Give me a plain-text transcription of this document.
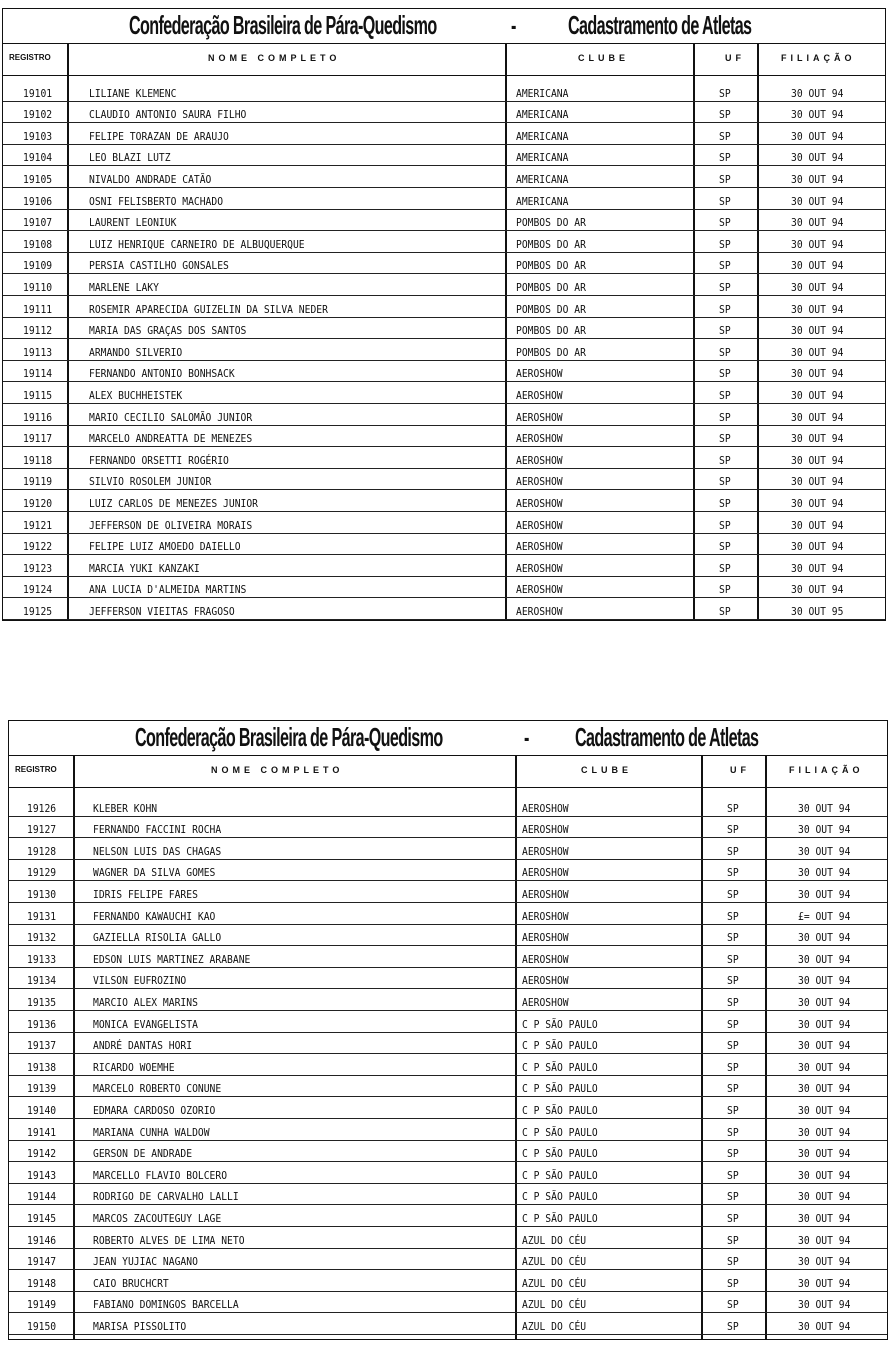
Confederação Brasileira de Pára-Quedismo	- Cadastramento de Atletas
REGISTRO	NOME COMPLETO	CLUBE	UF	FILIAÇÃO
19101	LILIANE KLEMENC	AMERICANA	SP	30 OUT 94
19102	CLAUDIO ANTONIO SAURA FILHO	AMERICANA	SP	30 OUT 94
19103	FELIPE TORAZAN DE ARAUJO	AMERICANA	SP	30 OUT 94
19104	LEO BLAZI LUTZ	AMERICANA	SP	30 OUT 94
19105	NIVALDO ANDRADE CATÃO	AMERICANA	SP	30 OUT 94
19106	OSNI FELISBERTO MACHADO	AMERICANA	SP	30 OUT 94
19107	LAURENT LEONIUK	POMBOS DO AR	SP	30 OUT 94
19108	LUIZ HENRIQUE CARNEIRO DE ALBUQUERQUE	POMBOS DO AR	SP	30 OUT 94
19109	PERSIA CASTILHO GONSALES	POMBOS DO AR	SP	30 OUT 94
19110	MARLENE LAKY	POMBOS DO AR	SP	30 OUT 94
19111	ROSEMIR APARECIDA GUIZELIN DA SILVA NEDER	POMBOS DO AR	SP	30 OUT 94
19112	MARIA DAS GRAÇAS DOS SANTOS	POMBOS DO AR	SP	30 OUT 94
19113	ARMANDO SILVERIO	POMBOS DO AR	SP	30 OUT 94
19114	FERNANDO ANTONIO BONHSACK	AEROSHOW	SP	30 OUT 94
19115	ALEX BUCHHEISTEK	AEROSHOW	SP	30 OUT 94
19116	MARIO CECILIO SALOMÃO JUNIOR	AEROSHOW	SP	30 OUT 94
19117	MARCELO ANDREATTA DE MENEZES	AEROSHOW	SP	30 OUT 94
19118	FERNANDO ORSETTI ROGÉRIO	AEROSHOW	SP	30 OUT 94
19119	SILVIO ROSOLEM JUNIOR	AEROSHOW	SP	30 OUT 94
19120	LUIZ CARLOS DE MENEZES JUNIOR	AEROSHOW	SP	30 OUT 94
19121	JEFFERSON DE OLIVEIRA MORAIS	AEROSHOW	SP	30 OUT 94
19122	FELIPE LUIZ AMOEDO DAIELLO	AEROSHOW	SP	30 OUT 94
19123	MARCIA YUKI KANZAKI	AEROSHOW	SP	30 OUT 94
19124	ANA LUCIA D'ALMEIDA MARTINS	AEROSHOW	SP	30 OUT 94
19125	JEFFERSON VIEITAS FRAGOSO	AEROSHOW	SP	30 OUT 95
Confederação Brasileira de Pára-Quedismo	- Cadastramento de Atletas
REGISTRO	NOME COMPLETO	CLUBE	UF	FILIAÇÃO
19126	KLEBER KOHN	AEROSHOW	SP	30 OUT 94
19127	FERNANDO FACCINI ROCHA	AEROSHOW	SP	30 OUT 94
19128	NELSON LUIS DAS CHAGAS	AEROSHOW	SP	30 OUT 94
19129	WAGNER DA SILVA GOMES	AEROSHOW	SP	30 OUT 94
19130	IDRIS FELIPE FARES	AEROSHOW	SP	30 OUT 94
19131	FERNANDO KAWAUCHI KAO	AEROSHOW	SP	£= OUT 94
19132	GAZIELLA RISOLIA GALLO	AEROSHOW	SP	30 OUT 94
19133	EDSON LUIS MARTINEZ ARABANE	AEROSHOW	SP	30 OUT 94
19134	VILSON EUFROZINO	AEROSHOW	SP	30 OUT 94
19135	MARCIO ALEX MARINS	AEROSHOW	SP	30 OUT 94
19136	MONICA EVANGELISTA	C P SÃO PAULO	SP	30 OUT 94
19137	ANDRÉ DANTAS HORI	C P SÃO PAULO	SP	30 OUT 94
19138	RICARDO WOEMHE	C P SÃO PAULO	SP	30 OUT 94
19139	MARCELO ROBERTO CONUNE	C P SÃO PAULO	SP	30 OUT 94
19140	EDMARA CARDOSO OZORIO	C P SÃO PAULO	SP	30 OUT 94
19141	MARIANA CUNHA WALDOW	C P SÃO PAULO	SP	30 OUT 94
19142	GERSON DE ANDRADE	C P SÃO PAULO	SP	30 OUT 94
19143	MARCELLO FLAVIO BOLCERO	C P SÃO PAULO	SP	30 OUT 94
19144	RODRIGO DE CARVALHO LALLI	C P SÃO PAULO	SP	30 OUT 94
19145	MARCOS ZACOUTEGUY LAGE	C P SÃO PAULO	SP	30 OUT 94
19146	ROBERTO ALVES DE LIMA NETO	AZUL DO CÉU	SP	30 OUT 94
19147	JEAN YUJIAC NAGANO	AZUL DO CÉU	SP	30 OUT 94
19148	CAIO BRUCHCRT	AZUL DO CÉU	SP	30 OUT 94
19149	FABIANO DOMINGOS BARCELLA	AZUL DO CÉU	SP	30 OUT 94
19150	MARISA PISSOLITO	AZUL DO CÉU	SP	30 OUT 94
